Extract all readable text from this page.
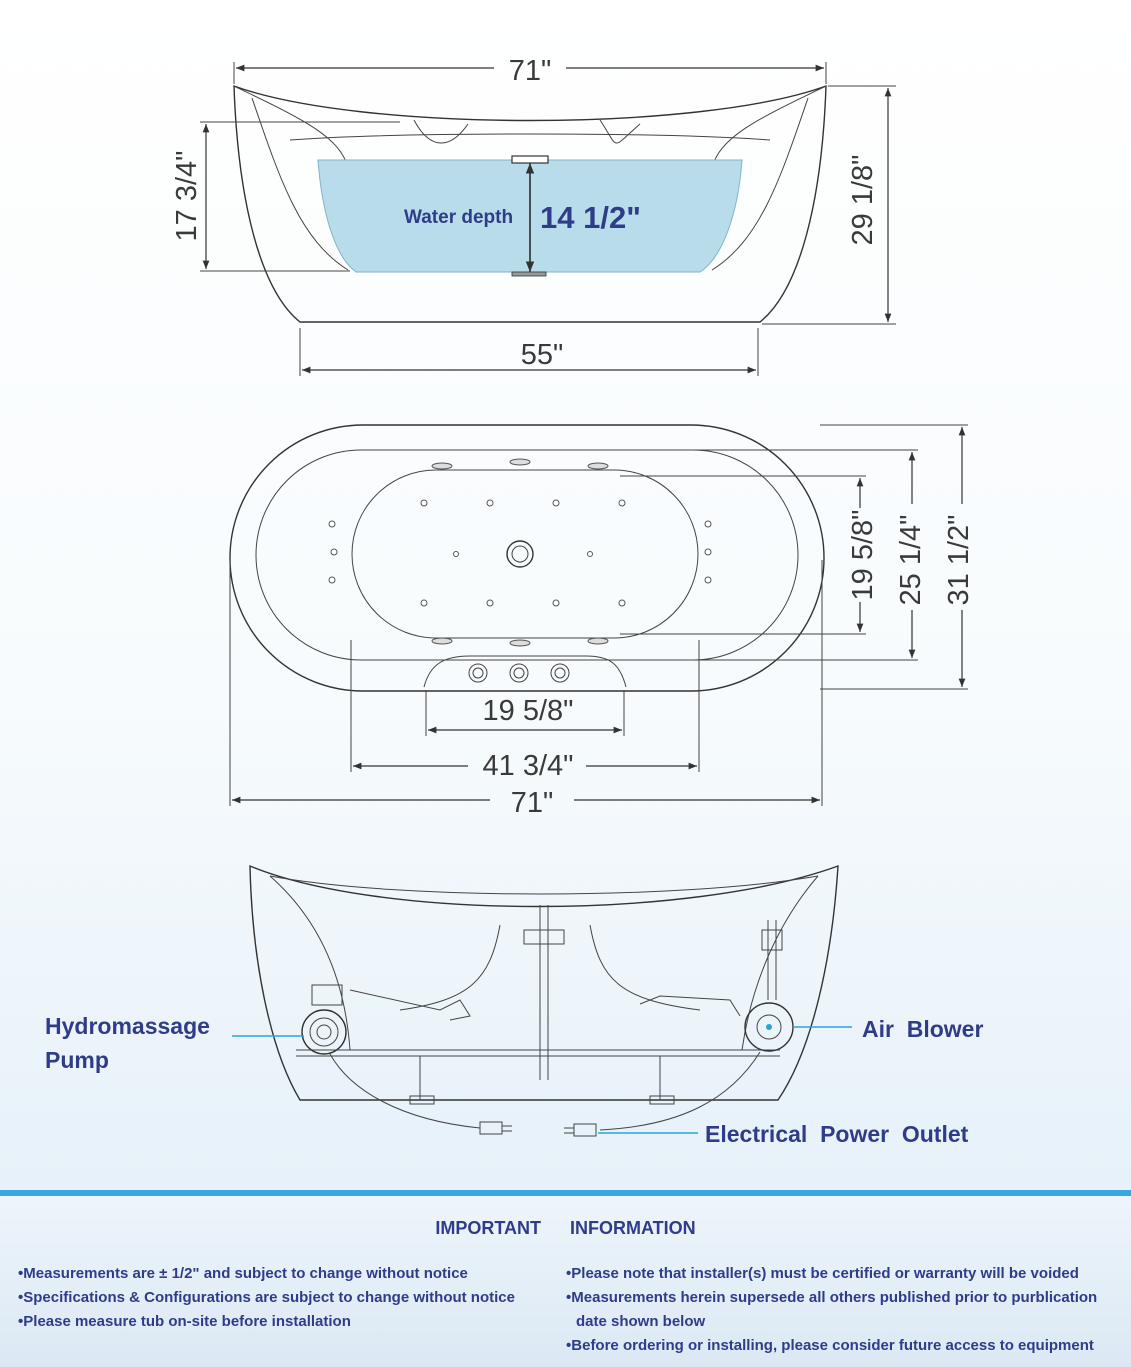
71"
55"
17 3/4"	29 1/8"
Water depth 14 1/2"
19 5/8" 25 1/4" 31 1/2"
19 5/8"
41 3/4"
71"
Hydromassage
Pump
Air  Blower
Electrical  Power  Outlet
IMPORTANT INFORMATION
• Measurements are ± 1/2" and subject to change without notice
• Specifications & Configurations are subject to change without notice
• Please measure tub on-site before installation
• Please note that installer(s) must be certified or warranty will be voided
• Measurements herein supersede all others published prior to purblication date shown below
• Before ordering or installing, please consider future access to equipment
